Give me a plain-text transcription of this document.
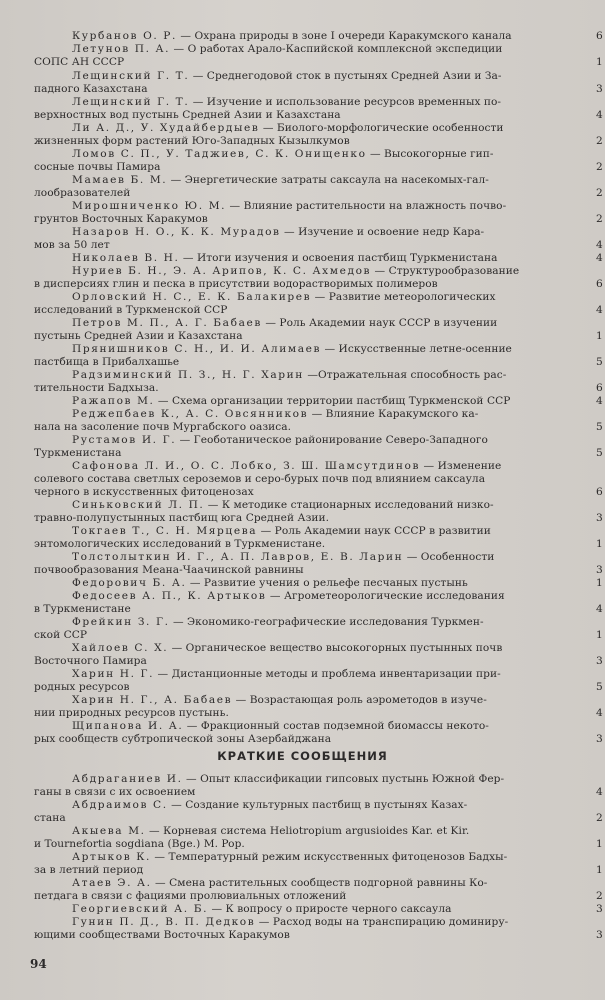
Курбанов О. Р. — Охрана природы в зоне I очереди Каракумского канала	6
Летунов П. А. — О работах Арало-Каспийской комплексной экспедиции
СОПС АН СССР	1
Лещинский Г. Т. — Среднегодовой сток в пустынях Средней Азии и За-
падного Казахстана	3
Лещинский Г. Т. — Изучение и использование ресурсов временных по-
верхностных вод пустынь Средней Азии и Казахстана	4
Ли А. Д., У. Худайбердыев — Биолого-морфологические особенности
жизненных форм растений Юго-Западных Кызылкумов	2
Ломов С. П., У. Таджиев, С. К. Онищенко — Высокогорные гип-
сосные почвы Памира	2
Мамаев Б. М. — Энергетические затраты саксаула на насекомых-гал-
лообразователей	2
Мирошниченко Ю. М. — Влияние растительности на влажность почво-
грунтов Восточных Каракумов	2
Назаров Н. О., К. К. Мурадов — Изучение и освоение недр Кара-
мов за 50 лет	4
Николаев В. Н. — Итоги изучения и освоения пастбищ Туркменистана	4
Нуриев Б. Н., Э. А. Арипов, К. С. Ахмедов — Структурообразование
в дисперсиях глин и песка в присутствии водорастворимых полимеров	6
Орловский Н. С., Е. К. Балакирев — Развитие метеорологических
исследований в Туркменской ССР	4
Петров М. П., А. Г. Бабаев — Роль Академии наук СССР в изучении
пустынь Средней Азии и Казахстана	1
Прянишников С. Н., И. И. Алимаев — Искусственные летне-осенние
пастбища в Прибалхашье	5
Радзиминский П. З., Н. Г. Харин —Отражательная способность рас-
тительности Бадхыза.	6
Ражапов М. — Схема организации территории пастбищ Туркменской ССР	4
Реджепбаев К., А. С. Овсянников — Влияние Каракумского ка-
нала на засоление почв Мургабского оазиса.	5
Рустамов И. Г. — Геоботаническое районирование Северо-Западного
Туркменистана	5
Сафонова Л. И., О. С. Лобко, З. Ш. Шамсутдинов — Изменение
солевого состава светлых сероземов и серо-бурых почв под влиянием саксаула
черного в искусственных фитоценозах	6
Синьковский Л. П. — К методике стационарных исследований низко-
травно-полупустынных пастбищ юга Средней Азии.	3
Токгаев Т., С. Н. Мярцева — Роль Академии наук СССР в развитии
энтомологических исследований в Туркменистане.	1
Толстолыткин И. Г., А. П. Лавров, Е. В. Ларин — Особенности
почвообразования Меана-Чаачинской равнины	3
Федорович Б. А. — Развитие учения о рельефе песчаных пустынь	1
Федосеев А. П., К. Артыков — Агрометеорологические исследования
в Туркменистане	4
Фрейкин З. Г. — Экономико-географические исследования Туркмен-
ской ССР	1
Хайлоев С. Х. — Органическое вещество высокогорных пустынных почв
Восточного Памира	3
Харин Н. Г. — Дистанционные методы и проблема инвентаризации при-
родных ресурсов	5
Харин Н. Г., А. Бабаев — Возрастающая роль аэрометодов в изуче-
нии природных ресурсов пустынь.	4
Щипанова И. А. — Фракционный состав подземной биомассы некото-
рых сообществ субтропической зоны Азербайджана	3
Абдраганиев И. — Опыт классификации гипсовых пустынь Южной Фер-
ганы в связи с их освоением	4
Абдраимов С. — Создание культурных пастбищ в пустынях Казах-
стана	2
Акыева М. — Корневая система Heliotropium argusioides Kar. et Kir.
и Tournefortia sogdiana (Bge.) M. Pop.	1
Артыков К. — Температурный режим искусственных фитоценозов Бадхы-
за в летний период	1
Атаев Э. А. — Смена растительных сообществ подгорной равнины Ко-
петдага в связи с фациями пролювиальных отложений	2
Георгиевский А. Б. — К вопросу о приросте черного саксаула	3
Гунин П. Д., В. П. Дедков — Расход воды на транспирацию доминиру-
ющими сообществами Восточных Каракумов	3
КРАТКИЕ СООБЩЕНИЯ
94
